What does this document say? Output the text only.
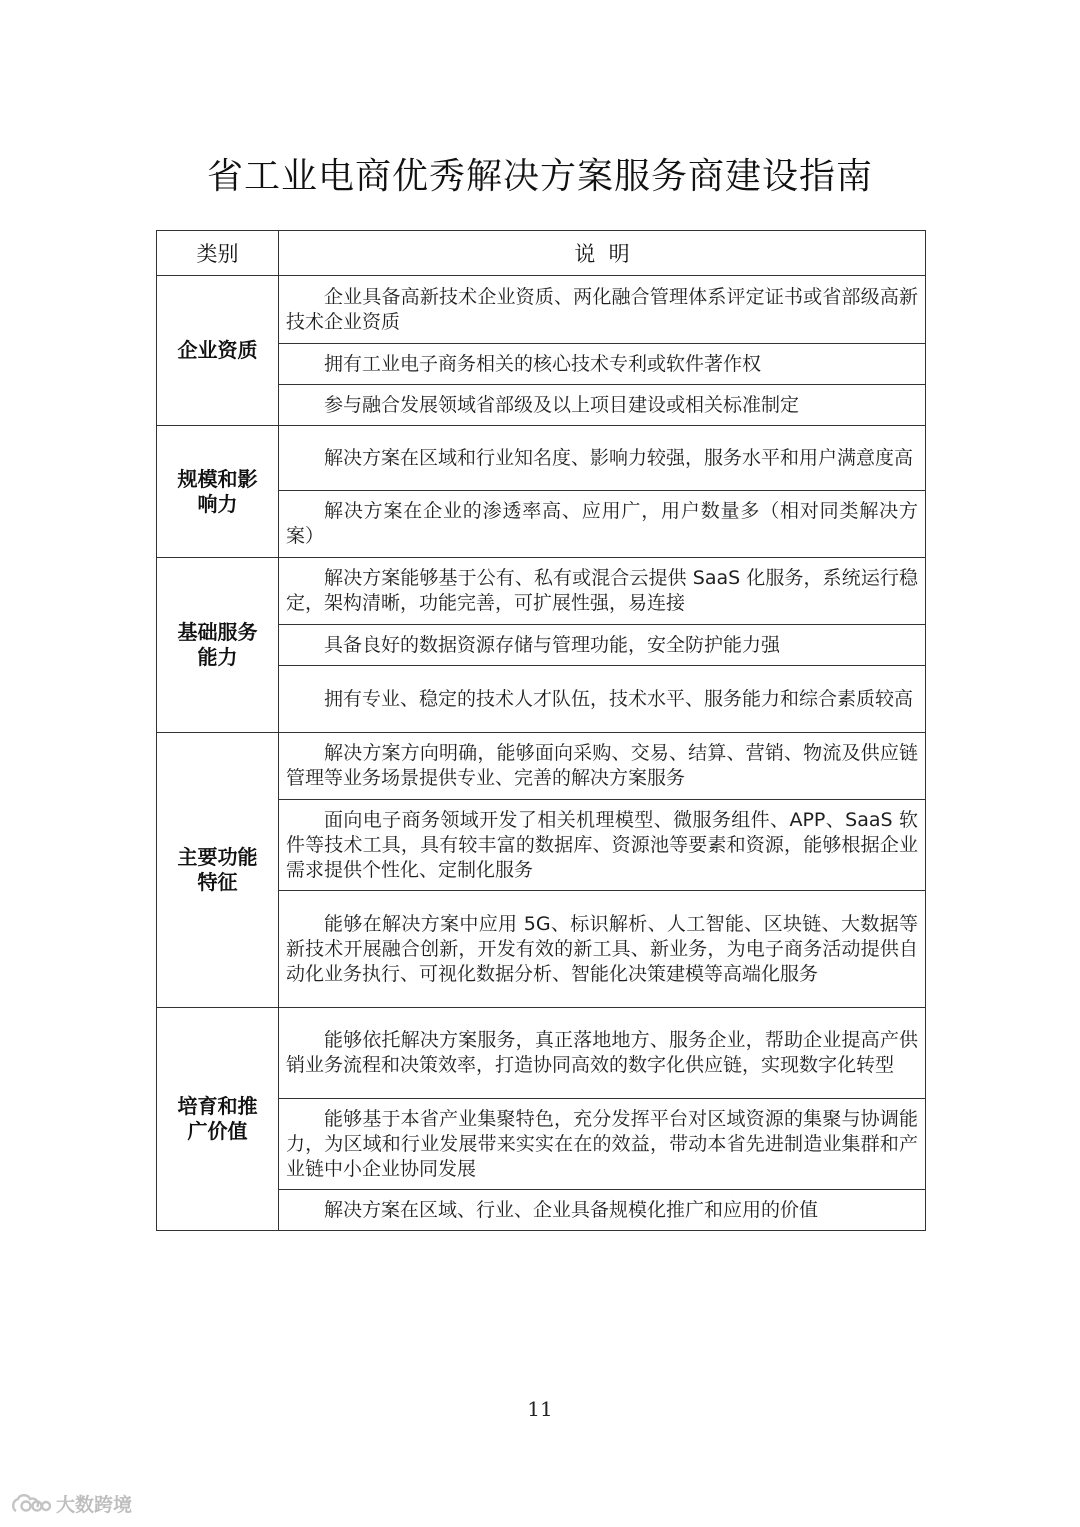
省工业电商优秀解决方案服务商建设指南
类别	说  明
企业资质	企业具备高新技术企业资质、两化融合管理体系评定证书或省部级高新技术企业资质
	拥有工业电子商务相关的核心技术专利或软件著作权
	参与融合发展领域省部级及以上项目建设或相关标准制定
规模和影响力	解决方案在区域和行业知名度、影响力较强，服务水平和用户满意度高
	解决方案在企业的渗透率高、应用广，用户数量多（相对同类解决方案）
基础服务能力	解决方案能够基于公有、私有或混合云提供 SaaS 化服务，系统运行稳定，架构清晰，功能完善，可扩展性强，易连接
	具备良好的数据资源存储与管理功能，安全防护能力强
	拥有专业、稳定的技术人才队伍，技术水平、服务能力和综合素质较高
主要功能特征	解决方案方向明确，能够面向采购、交易、结算、营销、物流及供应链管理等业务场景提供专业、完善的解决方案服务
	面向电子商务领域开发了相关机理模型、微服务组件、APP、SaaS 软件等技术工具，具有较丰富的数据库、资源池等要素和资源，能够根据企业需求提供个性化、定制化服务
	能够在解决方案中应用 5G、标识解析、人工智能、区块链、大数据等新技术开展融合创新，开发有效的新工具、新业务，为电子商务活动提供自动化业务执行、可视化数据分析、智能化决策建模等高端化服务
培育和推广价值	能够依托解决方案服务，真正落地地方、服务企业，帮助企业提高产供销业务流程和决策效率，打造协同高效的数字化供应链，实现数字化转型
	能够基于本省产业集聚特色，充分发挥平台对区域资源的集聚与协调能力，为区域和行业发展带来实实在在的效益，带动本省先进制造业集群和产业链中小企业协同发展
	解决方案在区域、行业、企业具备规模化推广和应用的价值
11
大数跨境
